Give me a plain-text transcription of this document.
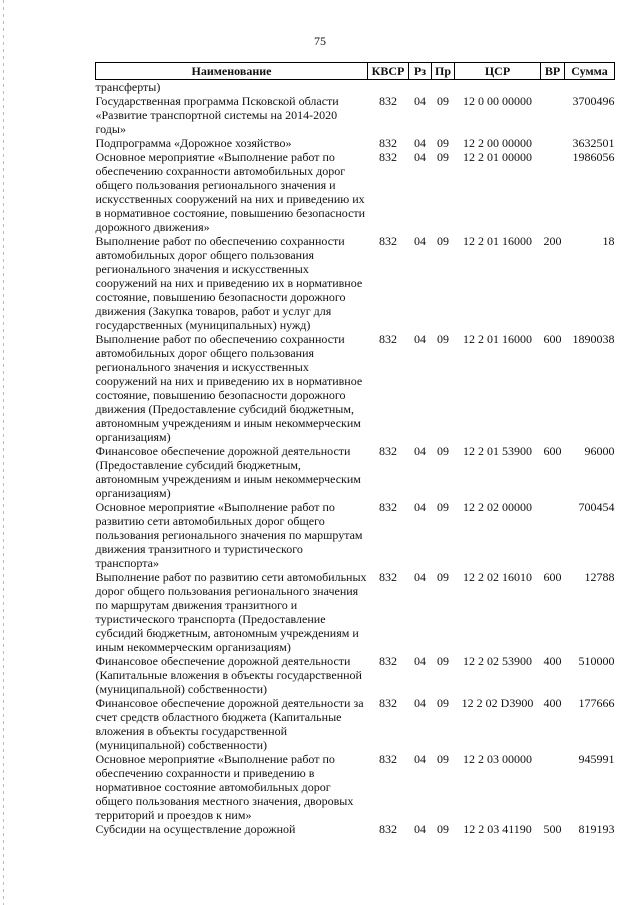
75
Наименование	КВСР	Рз	Пр	ЦСР	ВР	Сумма
трансферты)						
Государственная программа Псковской области «Развитие транспортной системы на 2014-2020 годы»	832	04	09	12 0 00 00000		3700496
Подпрограмма «Дорожное хозяйство»	832	04	09	12 2 00 00000		3632501
Основное мероприятие «Выполнение работ по обеспечению сохранности автомобильных дорог общего пользования регионального значения и искусственных сооружений на них и приведению их в нормативное состояние, повышению безопасности дорожного движения»	832	04	09	12 2 01 00000		1986056
Выполнение работ по обеспечению сохранности автомобильных дорог общего пользования регионального значения и искусственных сооружений на них и приведению их в нормативное состояние, повышению безопасности дорожного движения (Закупка товаров, работ и услуг для государственных (муниципальных) нужд)	832	04	09	12 2 01 16000	200	18
Выполнение работ по обеспечению сохранности автомобильных дорог общего пользования регионального значения и искусственных сооружений на них и приведению их в нормативное состояние, повышению безопасности дорожного движения (Предоставление субсидий бюджетным, автономным учреждениям и иным некоммерческим организациям)	832	04	09	12 2 01 16000	600	1890038
Финансовое обеспечение дорожной деятельности (Предоставление субсидий бюджетным, автономным учреждениям и иным некоммерческим организациям)	832	04	09	12 2 01 53900	600	96000
Основное мероприятие «Выполнение работ по развитию сети автомобильных дорог общего пользования регионального значения по маршрутам движения транзитного и туристического транспорта»	832	04	09	12 2 02 00000		700454
Выполнение работ по развитию сети автомобильных дорог общего пользования регионального значения по маршрутам движения транзитного и туристического транспорта (Предоставление субсидий бюджетным, автономным учреждениям и иным некоммерческим организациям)	832	04	09	12 2 02 16010	600	12788
Финансовое обеспечение дорожной деятельности (Капитальные вложения в объекты государственной (муниципальной) собственности)	832	04	09	12 2 02 53900	400	510000
Финансовое обеспечение дорожной деятельности за счет средств областного бюджета (Капитальные вложения в объекты государственной (муниципальной) собственности)	832	04	09	12 2 02 D3900	400	177666
Основное мероприятие «Выполнение работ по обеспечению сохранности и приведению в нормативное состояние автомобильных дорог общего пользования местного значения, дворовых территорий и проездов к ним»	832	04	09	12 2 03 00000		945991
Субсидии на осуществление дорожной	832	04	09	12 2 03 41190	500	819193
